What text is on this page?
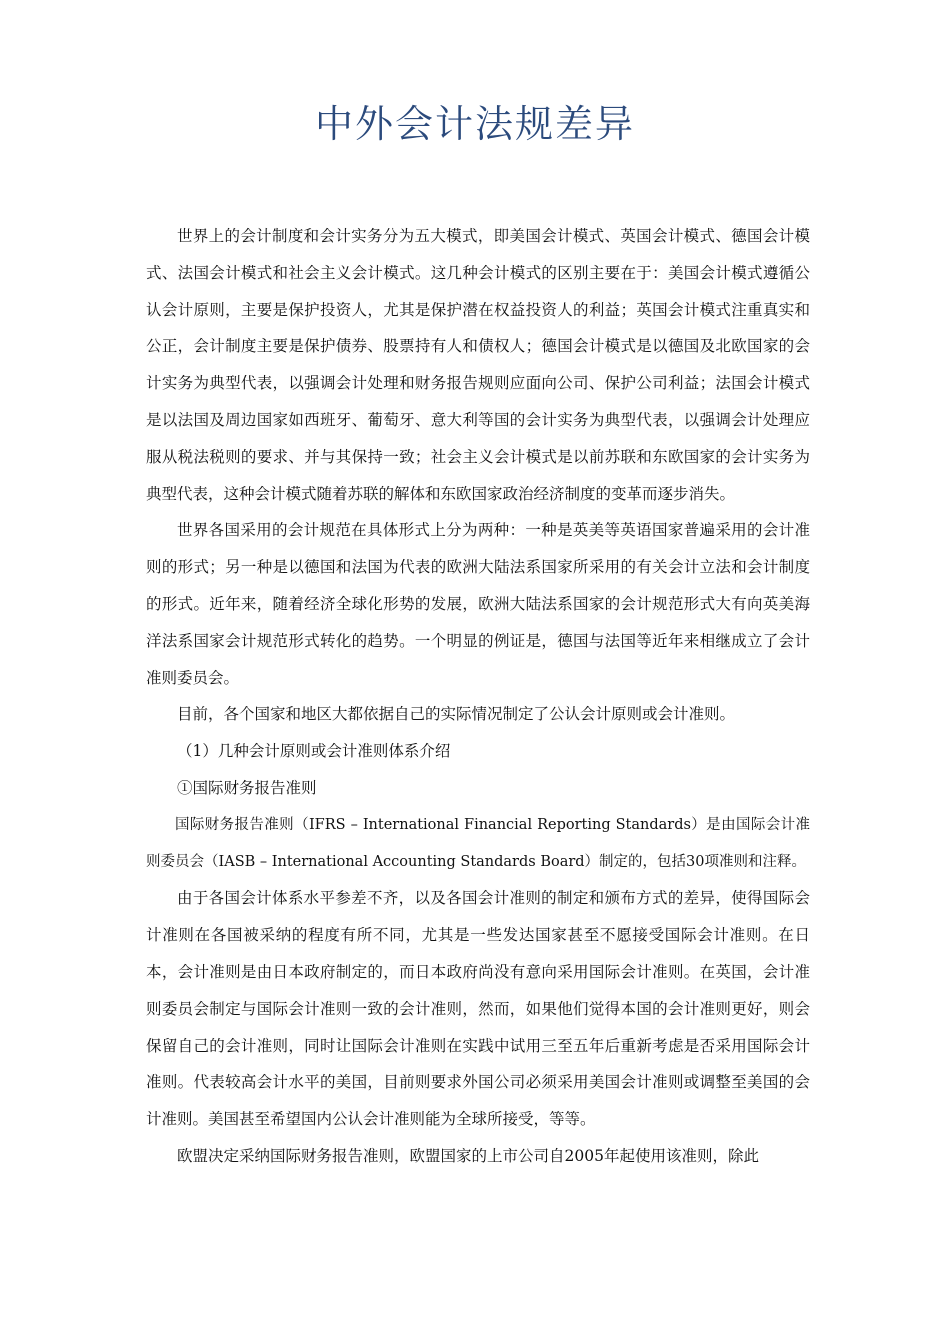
中外会计法规差异

世界上的会计制度和会计实务分为五大模式，即美国会计模式、英国会计模式、德国会计模式、法国会计模式和社会主义会计模式。这几种会计模式的区别主要在于：美国会计模式遵循公认会计原则，主要是保护投资人，尤其是保护潜在权益投资人的利益；英国会计模式注重真实和公正，会计制度主要是保护债券、股票持有人和债权人；德国会计模式是以德国及北欧国家的会计实务为典型代表，以强调会计处理和财务报告规则应面向公司、保护公司利益；法国会计模式是以法国及周边国家如西班牙、葡萄牙、意大利等国的会计实务为典型代表，以强调会计处理应服从税法税则的要求、并与其保持一致；社会主义会计模式是以前苏联和东欧国家的会计实务为典型代表，这种会计模式随着苏联的解体和东欧国家政治经济制度的变革而逐步消失。

世界各国采用的会计规范在具体形式上分为两种：一种是英美等英语国家普遍采用的会计准则的形式；另一种是以德国和法国为代表的欧洲大陆法系国家所采用的有关会计立法和会计制度的形式。近年来，随着经济全球化形势的发展，欧洲大陆法系国家的会计规范形式大有向英美海洋法系国家会计规范形式转化的趋势。一个明显的例证是，德国与法国等近年来相继成立了会计准则委员会。

目前，各个国家和地区大都依据自己的实际情况制定了公认会计原则或会计准则。

（1）几种会计原则或会计准则体系介绍

①国际财务报告准则

国际财务报告准则（IFRS – International Financial Reporting Standards）是由国际会计准则委员会（IASB – International Accounting Standards Board）制定的，包括30项准则和注释。

由于各国会计体系水平参差不齐，以及各国会计准则的制定和颁布方式的差异，使得国际会计准则在各国被采纳的程度有所不同，尤其是一些发达国家甚至不愿接受国际会计准则。在日本，会计准则是由日本政府制定的，而日本政府尚没有意向采用国际会计准则。在英国，会计准则委员会制定与国际会计准则一致的会计准则，然而，如果他们觉得本国的会计准则更好，则会保留自己的会计准则，同时让国际会计准则在实践中试用三至五年后重新考虑是否采用国际会计准则。代表较高会计水平的美国，目前则要求外国公司必须采用美国会计准则或调整至美国的会计准则。美国甚至希望国内公认会计准则能为全球所接受，等等。

欧盟决定采纳国际财务报告准则，欧盟国家的上市公司自2005年起使用该准则，除此
